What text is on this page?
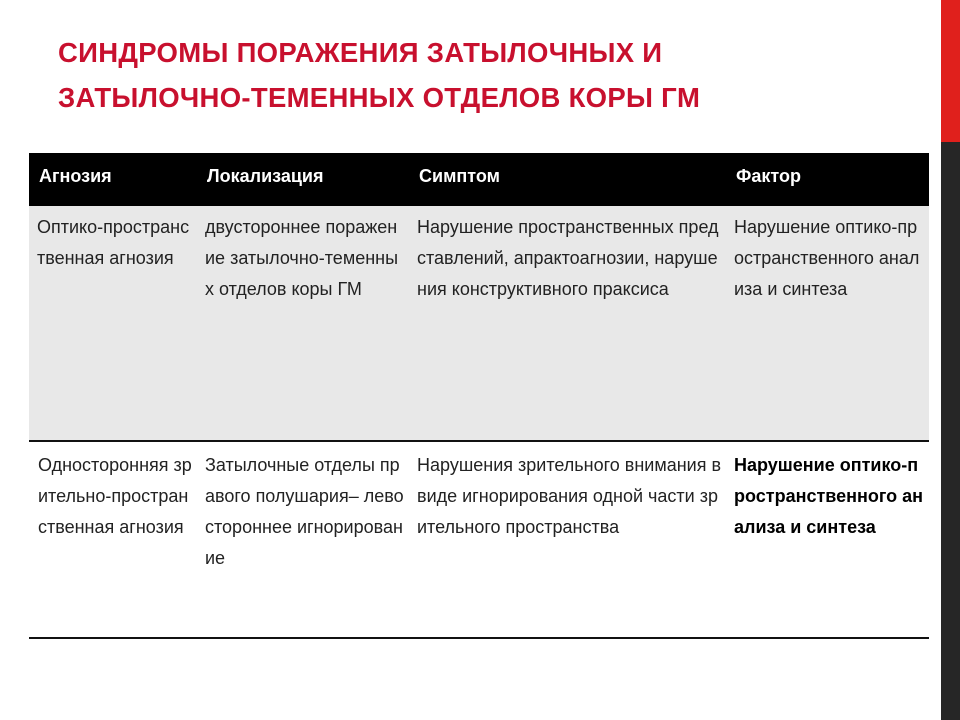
СИНДРОМЫ ПОРАЖЕНИЯ ЗАТЫЛОЧНЫХ И
ЗАТЫЛОЧНО-ТЕМЕННЫХ ОТДЕЛОВ КОРЫ ГМ
Агнозия	Локализация	Симптом	Фактор
Оптико-пространственная агнозия	двустороннее поражение затылочно-теменных отделов коры ГМ	Нарушение пространственных представлений, апрактоагнозии, нарушения конструктивного праксиса	Нарушение оптико-пространственного анализа и синтеза
Односторонняя зрительно-пространственная агнозия	Затылочные отделы правого полушария– левостороннее игнорирование	Нарушения зрительного внимания в виде игнорирования одной части зрительного пространства	Нарушение оптико-пространственного анализа и синтеза
